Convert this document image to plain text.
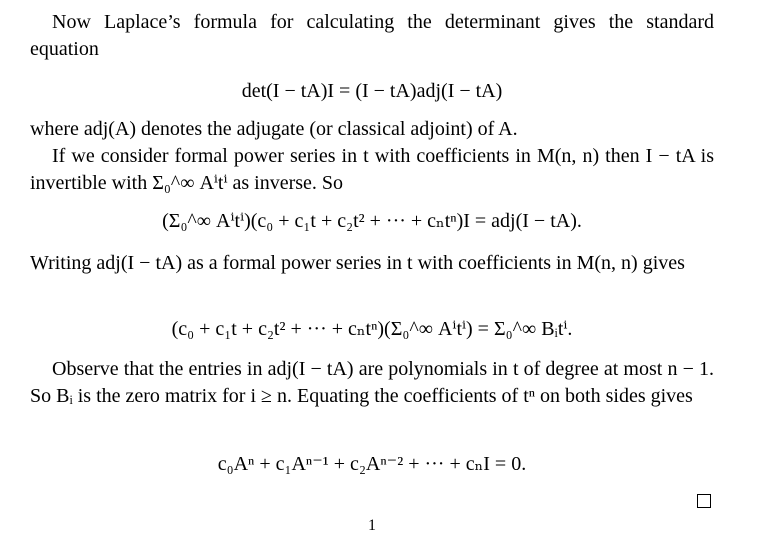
Now Laplace’s formula for calculating the determinant gives the standard equation

det(I − tA)I = (I − tA)adj(I − tA)

where adj(A) denotes the adjugate (or classical adjoint) of A.

If we consider formal power series in t with coefficients in M(n, n) then I − tA is invertible with Σ₀^∞ Aⁱtⁱ as inverse. So

(Σ₀^∞ Aⁱtⁱ)(c₀ + c₁t + c₂t² + ··· + cₙtⁿ)I = adj(I − tA).

Writing adj(I − tA) as a formal power series in t with coefficients in M(n, n) gives

(c₀ + c₁t + c₂t² + ··· + cₙtⁿ)(Σ₀^∞ Aⁱtⁱ) = Σ₀^∞ Bᵢtⁱ.

Observe that the entries in adj(I − tA) are polynomials in t of degree at most n − 1. So Bᵢ is the zero matrix for i ≥ n. Equating the coefficients of tⁿ on both sides gives

c₀Aⁿ + c₁Aⁿ⁻¹ + c₂Aⁿ⁻² + ··· + cₙI = 0.
1
